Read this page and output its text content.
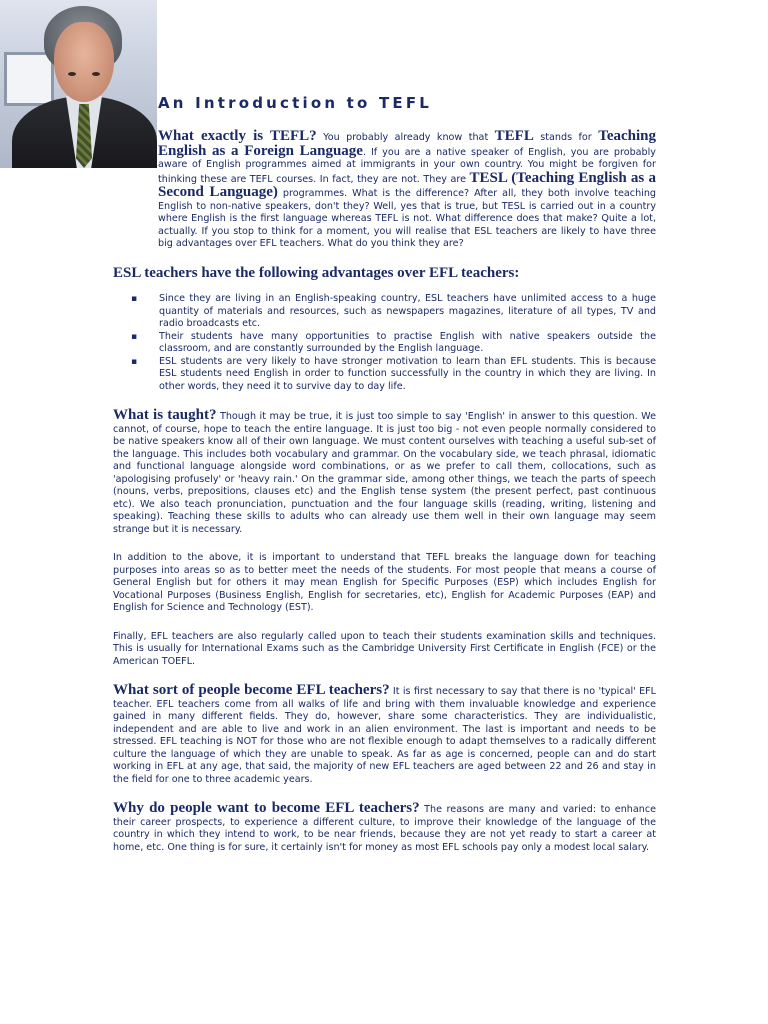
An Introduction to TEFL

What exactly is TEFL? You probably already know that TEFL stands for Teaching English as a Foreign Language. If you are a native speaker of English, you are probably aware of English programmes aimed at immigrants in your own country. You might be forgiven for thinking these are TEFL courses. In fact, they are not. They are TESL (Teaching English as a Second Language) programmes. What is the difference? After all, they both involve teaching English to non-native speakers, don't they? Well, yes that is true, but TESL is carried out in a country where English is the first language whereas TEFL is not. What difference does that make? Quite a lot, actually. If you stop to think for a moment, you will realise that ESL teachers are likely to have three big advantages over EFL teachers. What do you think they are?

ESL teachers have the following advantages over EFL teachers:
▪ Since they are living in an English-speaking country, ESL teachers have unlimited access to a huge quantity of materials and resources, such as newspapers magazines, literature of all types, TV and radio broadcasts etc.
▪ Their students have many opportunities to practise English with native speakers outside the classroom, and are constantly surrounded by the English language.
▪ ESL students are very likely to have stronger motivation to learn than EFL students. This is because ESL students need English in order to function successfully in the country in which they are living. In other words, they need it to survive day to day life.

What is taught? Though it may be true, it is just too simple to say 'English' in answer to this question. We cannot, of course, hope to teach the entire language. It is just too big - not even people normally considered to be native speakers know all of their own language. We must content ourselves with teaching a useful sub-set of the language. This includes both vocabulary and grammar. On the vocabulary side, we teach phrasal, idiomatic and functional language alongside word combinations, or as we prefer to call them, collocations, such as 'apologising profusely' or 'heavy rain.' On the grammar side, among other things, we teach the parts of speech (nouns, verbs, prepositions, clauses etc) and the English tense system (the present perfect, past continuous etc). We also teach pronunciation, punctuation and the four language skills (reading, writing, listening and speaking). Teaching these skills to adults who can already use them well in their own language may seem strange but it is necessary.

In addition to the above, it is important to understand that TEFL breaks the language down for teaching purposes into areas so as to better meet the needs of the students. For most people that means a course of General English but for others it may mean English for Specific Purposes (ESP) which includes English for Vocational Purposes (Business English, English for secretaries, etc), English for Academic Purposes (EAP) and English for Science and Technology (EST).

Finally, EFL teachers are also regularly called upon to teach their students examination skills and techniques. This is usually for International Exams such as the Cambridge University First Certificate in English (FCE) or the American TOEFL.

What sort of people become EFL teachers? It is first necessary to say that there is no 'typical' EFL teacher. EFL teachers come from all walks of life and bring with them invaluable knowledge and experience gained in many different fields. They do, however, share some characteristics. They are individualistic, independent and are able to live and work in an alien environment. The last is important and needs to be stressed. EFL teaching is NOT for those who are not flexible enough to adapt themselves to a radically different culture the language of which they are unable to speak. As far as age is concerned, people can and do start working in EFL at any age, that said, the majority of new EFL teachers are aged between 22 and 26 and stay in the field for one to three academic years.

Why do people want to become EFL teachers? The reasons are many and varied: to enhance their career prospects, to experience a different culture, to improve their knowledge of the language of the country in which they intend to work, to be near friends, because they are not yet ready to start a career at home, etc. One thing is for sure, it certainly isn't for money as most EFL schools pay only a modest local salary.
